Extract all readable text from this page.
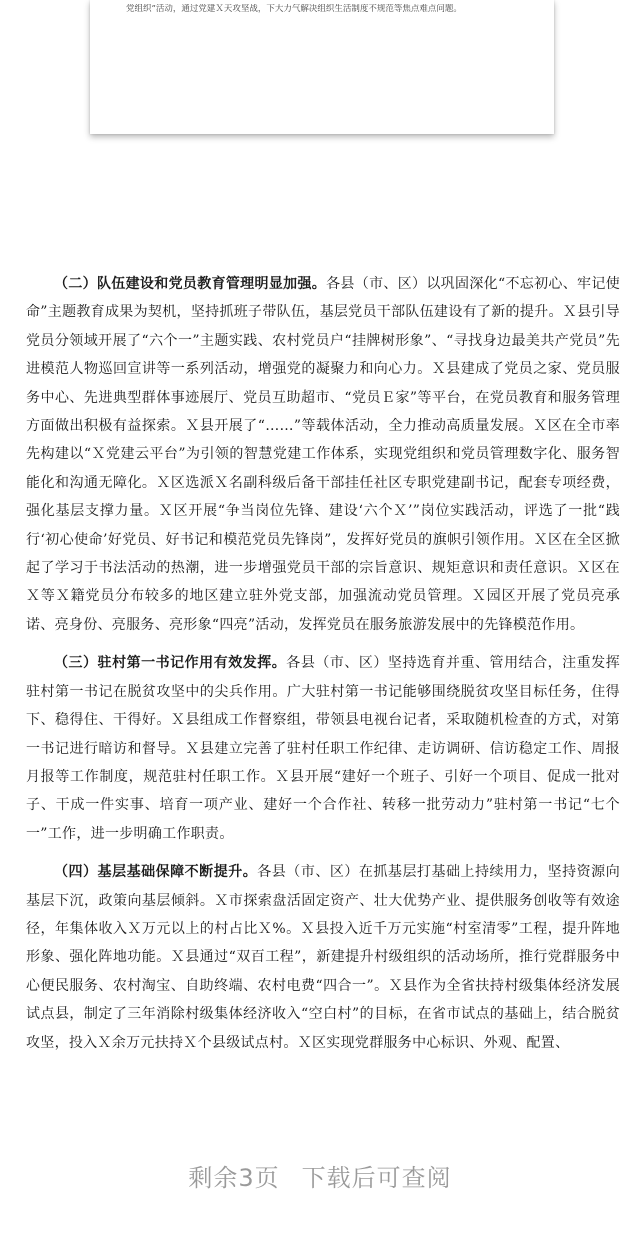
党组织”活动，通过党建Ｘ天攻坚战，下大力气解决组织生活制度不规范等焦点难点问题。

（二）队伍建设和党员教育管理明显加强。各县（市、区）以巩固深化“不忘初心、牢记使命”主题教育成果为契机，坚持抓班子带队伍，基层党员干部队伍建设有了新的提升。Ｘ县引导党员分领域开展了“六个一”主题实践、农村党员户“挂牌树形象”、“寻找身边最美共产党员”先进模范人物巡回宣讲等一系列活动，增强党的凝聚力和向心力。Ｘ县建成了党员之家、党员服务中心、先进典型群体事迹展厅、党员互助超市、“党员Ｅ家”等平台，在党员教育和服务管理方面做出积极有益探索。Ｘ县开展了“……”等载体活动，全力推动高质量发展。Ｘ区在全市率先构建以“Ｘ党建云平台”为引领的智慧党建工作体系，实现党组织和党员管理数字化、服务智能化和沟通无障化。Ｘ区选派Ｘ名副科级后备干部挂任社区专职党建副书记，配套专项经费，强化基层支撑力量。Ｘ区开展“争当岗位先锋、建设‘六个Ｘ’”岗位实践活动，评选了一批“践行‘初心使命’好党员、好书记和模范党员先锋岗”，发挥好党员的旗帜引领作用。Ｘ区在全区掀起了学习于书法活动的热潮，进一步增强党员干部的宗旨意识、规矩意识和责任意识。Ｘ区在Ｘ等Ｘ籍党员分布较多的地区建立驻外党支部，加强流动党员管理。Ｘ园区开展了党员亮承诺、亮身份、亮服务、亮形象“四亮”活动，发挥党员在服务旅游发展中的先锋模范作用。

（三）驻村第一书记作用有效发挥。各县（市、区）坚持选育并重、管用结合，注重发挥驻村第一书记在脱贫攻坚中的尖兵作用。广大驻村第一书记能够围绕脱贫攻坚目标任务，住得下、稳得住、干得好。Ｘ县组成工作督察组，带领县电视台记者，采取随机检查的方式，对第一书记进行暗访和督导。Ｘ县建立完善了驻村任职工作纪律、走访调研、信访稳定工作、周报月报等工作制度，规范驻村任职工作。Ｘ县开展“建好一个班子、引好一个项目、促成一批对子、干成一件实事、培育一项产业、建好一个合作社、转移一批劳动力”驻村第一书记“七个一”工作，进一步明确工作职责。

（四）基层基础保障不断提升。各县（市、区）在抓基层打基础上持续用力，坚持资源向基层下沉，政策向基层倾斜。Ｘ市探索盘活固定资产、壮大优势产业、提供服务创收等有效途径，年集体收入Ｘ万元以上的村占比Ｘ%。Ｘ县投入近千万元实施“村室清零”工程，提升阵地形象、强化阵地功能。Ｘ县通过“双百工程”，新建提升村级组织的活动场所，推行党群服务中心便民服务、农村淘宝、自助终端、农村电费“四合一”。Ｘ县作为全省扶持村级集体经济发展试点县，制定了三年消除村级集体经济收入“空白村”的目标，在省市试点的基础上，结合脱贫攻坚，投入Ｘ余万元扶持Ｘ个县级试点村。Ｘ区实现党群服务中心标识、外观、配置、

剩余3页 下载后可查阅
